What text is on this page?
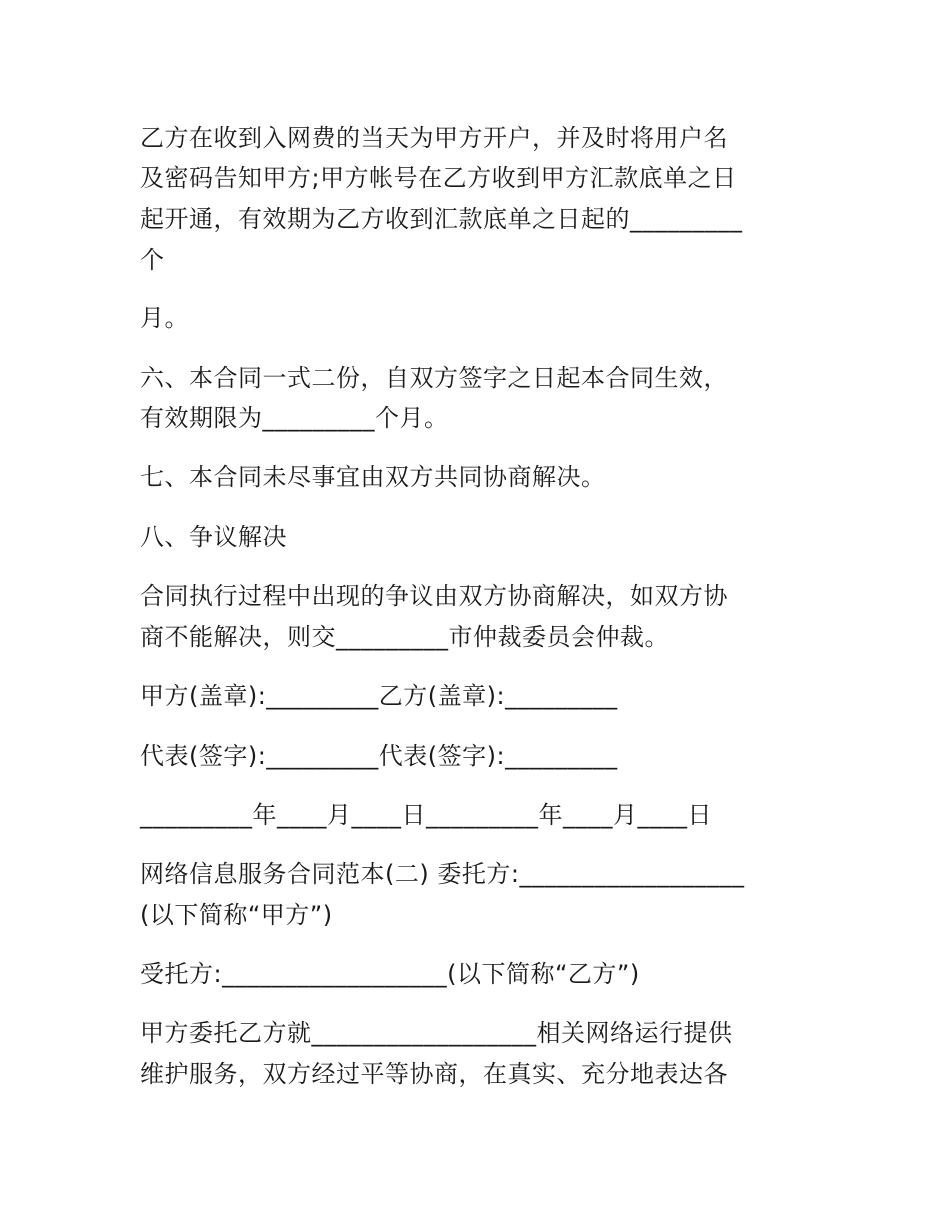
乙方在收到入网费的当天为甲方开户，并及时将用户名
及密码告知甲方;甲方帐号在乙方收到甲方汇款底单之日
起开通，有效期为乙方收到汇款底单之日起的_________
个
月。
六、本合同一式二份，自双方签字之日起本合同生效，
有效期限为_________个月。
七、本合同未尽事宜由双方共同协商解决。
八、争议解决
合同执行过程中出现的争议由双方协商解决，如双方协
商不能解决，则交_________市仲裁委员会仲裁。
甲方(盖章):_________乙方(盖章):_________
代表(签字):_________代表(签字):_________
_________年____月____日_________年____月____日
网络信息服务合同范本(二) 委托方:__________________
(以下简称“甲方”)
受托方:__________________(以下简称“乙方”)
甲方委托乙方就__________________相关网络运行提供
维护服务，双方经过平等协商，在真实、充分地表达各
